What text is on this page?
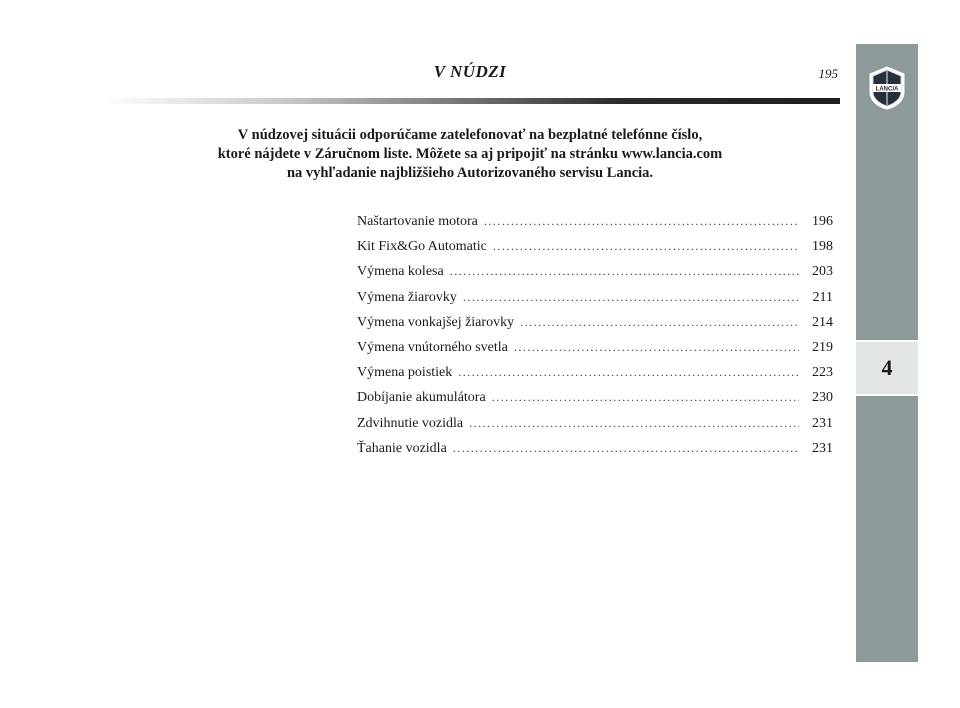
V NÚDZI	195
LANCIA
4
V núdzovej situácii odporúčame zatelefonovať na bezplatné telefónne číslo,
ktoré nájdete v Záručnom liste. Môžete sa aj pripojiť na stránku www.lancia.com
na vyhľadanie najbližšieho Autorizovaného servisu Lancia.
Naštartovanie motora .....	196
Kit Fix&Go Automatic .....	198
Výmena kolesa .....	203
Výmena žiarovky .....	211
Výmena vonkajšej žiarovky .....	214
Výmena vnútorného svetla .....	219
Výmena poistiek .....	223
Dobíjanie akumulátora .....	230
Zdvihnutie vozidla .....	231
Ťahanie vozidla .....	231
